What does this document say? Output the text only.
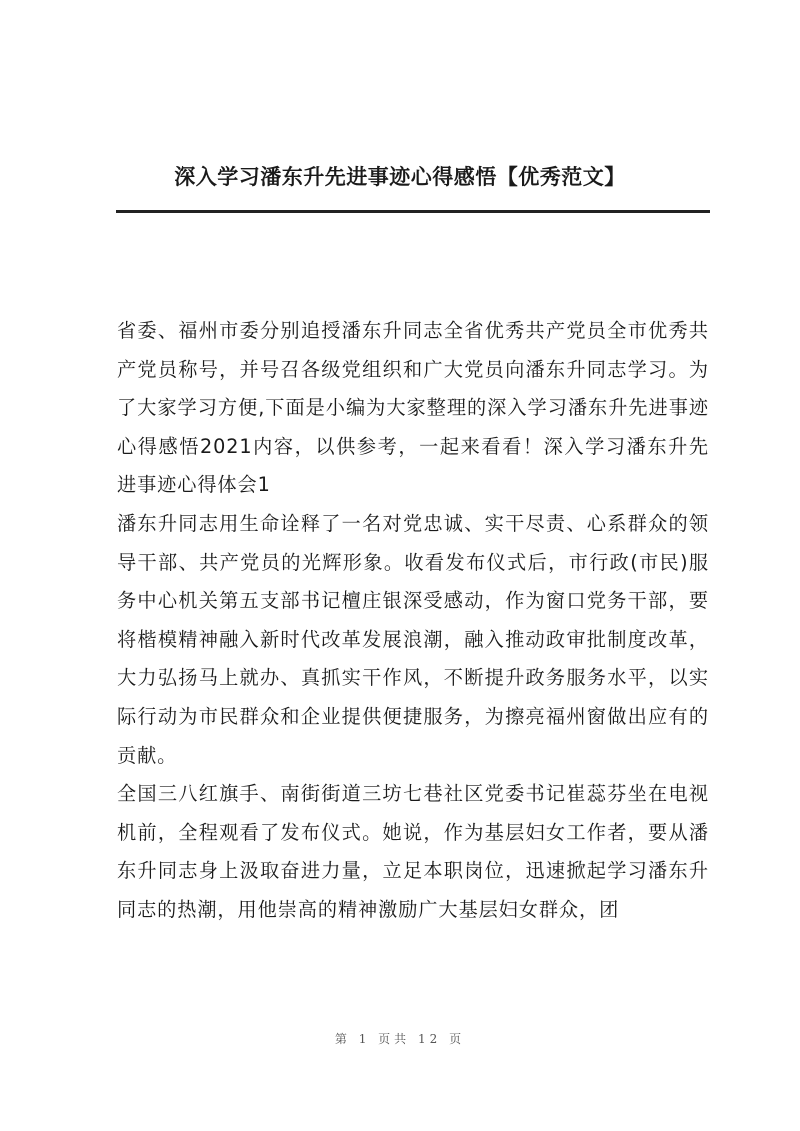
深入学习潘东升先进事迹心得感悟【优秀范文】

省委、福州市委分别追授潘东升同志全省优秀共产党员全市优秀共产党员称号，并号召各级党组织和广大党员向潘东升同志学习。为了大家学习方便,下面是小编为大家整理的深入学习潘东升先进事迹心得感悟2021内容，以供参考，一起来看看！深入学习潘东升先进事迹心得体会1

潘东升同志用生命诠释了一名对党忠诚、实干尽责、心系群众的领导干部、共产党员的光辉形象。收看发布仪式后，市行政(市民)服务中心机关第五支部书记檀庄银深受感动，作为窗口党务干部，要将楷模精神融入新时代改革发展浪潮，融入推动政审批制度改革，大力弘扬马上就办、真抓实干作风，不断提升政务服务水平，以实际行动为市民群众和企业提供便捷服务，为擦亮福州窗做出应有的贡献。

全国三八红旗手、南街街道三坊七巷社区党委书记崔蕊芬坐在电视机前，全程观看了发布仪式。她说，作为基层妇女工作者，要从潘东升同志身上汲取奋进力量，立足本职岗位，迅速掀起学习潘东升同志的热潮，用他崇高的精神激励广大基层妇女群众，团

第 1 页共 12 页
